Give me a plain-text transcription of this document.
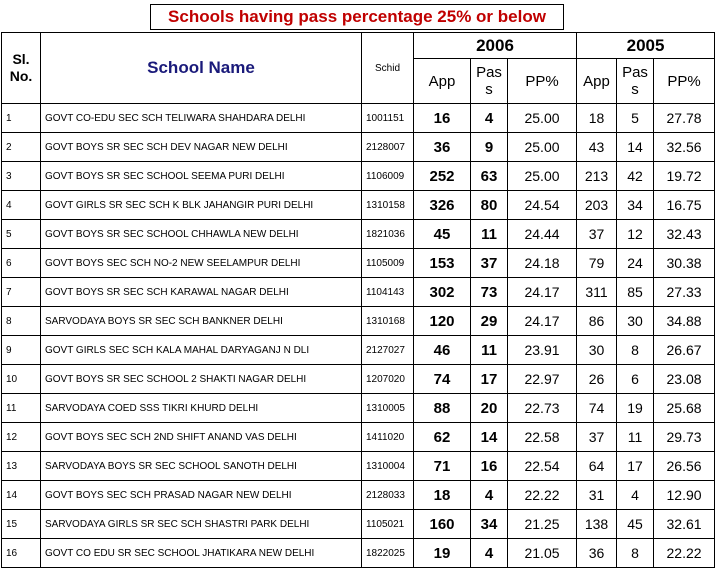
Schools having pass percentage 25% or below
Sl. No.	School Name	Schid	2006			2005		
			App	Pas s	PP%	App	Pas s	PP%
1	GOVT CO-EDU SEC SCH TELIWARA SHAHDARA DELHI	1001151	16	4	25.00	18	5	27.78
2	GOVT BOYS SR SEC SCH DEV NAGAR NEW DELHI	2128007	36	9	25.00	43	14	32.56
3	GOVT BOYS SR SEC SCHOOL SEEMA PURI DELHI	1106009	252	63	25.00	213	42	19.72
4	GOVT GIRLS SR SEC SCH K BLK JAHANGIR PURI DELHI	1310158	326	80	24.54	203	34	16.75
5	GOVT BOYS SR SEC SCHOOL CHHAWLA NEW DELHI	1821036	45	11	24.44	37	12	32.43
6	GOVT BOYS SEC SCH NO-2 NEW SEELAMPUR DELHI	1105009	153	37	24.18	79	24	30.38
7	GOVT BOYS SR SEC SCH KARAWAL NAGAR DELHI	1104143	302	73	24.17	311	85	27.33
8	SARVODAYA BOYS SR SEC SCH BANKNER DELHI	1310168	120	29	24.17	86	30	34.88
9	GOVT GIRLS SEC SCH KALA MAHAL DARYAGANJ N DLI	2127027	46	11	23.91	30	8	26.67
10	GOVT BOYS SR SEC SCHOOL 2 SHAKTI NAGAR DELHI	1207020	74	17	22.97	26	6	23.08
11	SARVODAYA COED SSS TIKRI KHURD DELHI	1310005	88	20	22.73	74	19	25.68
12	GOVT BOYS SEC SCH 2ND SHIFT ANAND VAS DELHI	1411020	62	14	22.58	37	11	29.73
13	SARVODAYA BOYS SR SEC SCHOOL SANOTH DELHI	1310004	71	16	22.54	64	17	26.56
14	GOVT BOYS SEC SCH PRASAD NAGAR NEW DELHI	2128033	18	4	22.22	31	4	12.90
15	SARVODAYA GIRLS SR SEC SCH SHASTRI PARK DELHI	1105021	160	34	21.25	138	45	32.61
16	GOVT CO EDU SR SEC SCHOOL JHATIKARA NEW DELHI	1822025	19	4	21.05	36	8	22.22
